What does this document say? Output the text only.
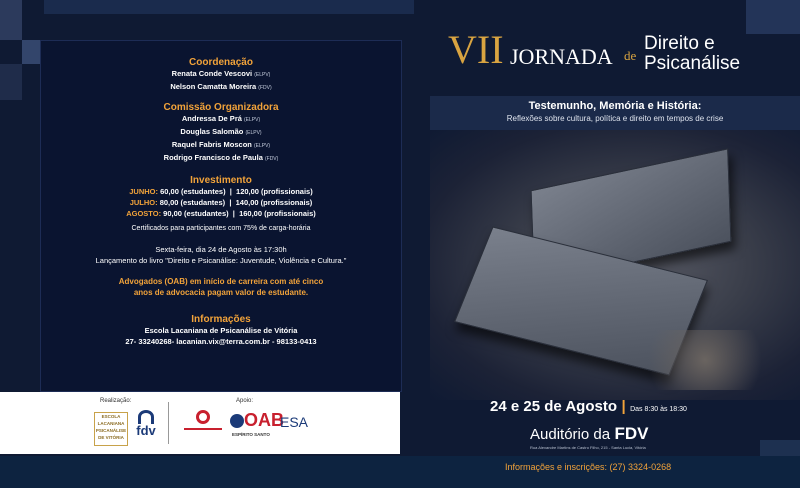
Coordenação

Renata Conde Vescovi (ELPV)
Nelson Camatta Moreira (FDV)

Comissão Organizadora

Andressa De Prá (ELPV)
Douglas Salomão (ELPV)
Raquel Fabris Moscon (ELPV)
Rodrigo Francisco de Paula (FDV)

Investimento

JUNHO: 60,00 (estudantes) | 120,00 (profissionais)
JULHO: 80,00 (estudantes) | 140,00 (profissionais)
AGOSTO: 90,00 (estudantes) | 160,00 (profissionais)
Certificados para participantes com 75% de carga-horária
Sexta-feira, dia 24 de Agosto às 17:30h
Lançamento do livro "Direito e Psicanálise: Juventude, Violência e Cultura."
Advogados (OAB) em início de carreira com até cinco
anos de advocacia pagam valor de estudante.

Informações

Escola Lacaniana de Psicanálise de Vitória
27- 33240268- lacanian.vix@terra.com.br - 98133-0413
Realização:
ESCOLA
LACANIANA
PSICANÁLISE
DE VITÓRIA fdv
Apoio:
OAB
ESPÍRITO SANTO
ESA
VII JORNADA de
Direito e
Psicanálise
Testemunho, Memória e História:
Reflexões sobre cultura, política e direito em tempos de crise
24 e 25 de Agosto | Das 8:30 às 18:30
Auditório da FDV
Rua Alexandre Martins de Castro Filho, 215 - Santa Lucia, Vitória
Informações e inscrições: (27) 3324-0268
